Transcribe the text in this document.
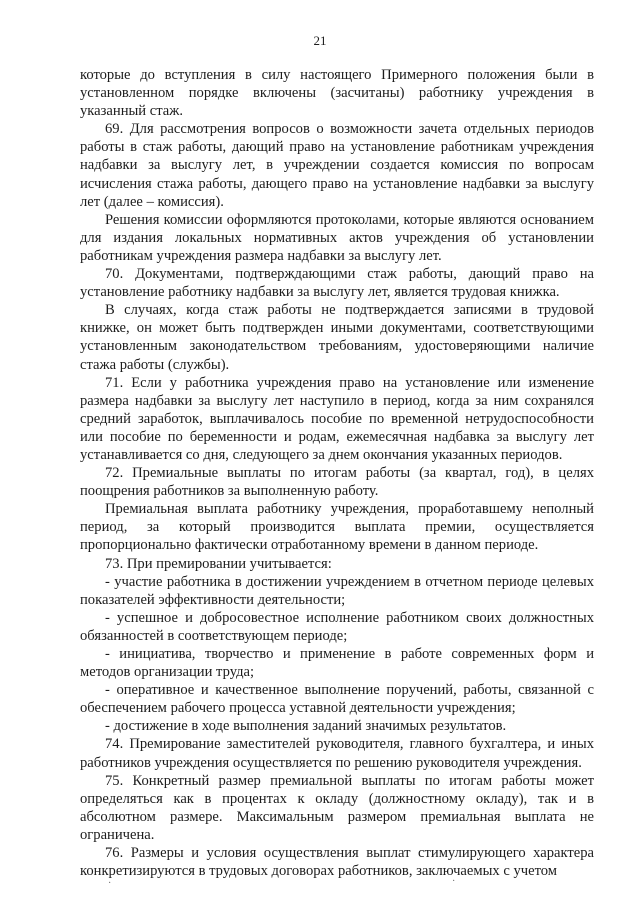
21

которые до вступления в силу настоящего Примерного положения были в установленном порядке включены (засчитаны) работнику учреждения в указанный стаж.

69. Для рассмотрения вопросов о возможности зачета отдельных периодов работы в стаж работы, дающий право на установление работникам учреждения надбавки за выслугу лет, в учреждении создается комиссия по вопросам исчисления стажа работы, дающего право на установление надбавки за выслугу лет (далее – комиссия).

Решения комиссии оформляются протоколами, которые являются основанием для издания локальных нормативных актов учреждения об установлении работникам учреждения размера надбавки за выслугу лет.

70. Документами, подтверждающими стаж работы, дающий право на установление работнику надбавки за выслугу лет, является трудовая книжка.

В случаях, когда стаж работы не подтверждается записями в трудовой книжке, он может быть подтвержден иными документами, соответствующими установленным законодательством требованиям, удостоверяющими наличие стажа работы (службы).

71. Если у работника учреждения право на установление или изменение размера надбавки за выслугу лет наступило в период, когда за ним сохранялся средний заработок, выплачивалось пособие по временной нетрудоспособности или пособие по беременности и родам, ежемесячная надбавка за выслугу лет устанавливается со дня, следующего за днем окончания указанных периодов.

72. Премиальные выплаты по итогам работы (за квартал, год), в целях поощрения работников за выполненную работу.

Премиальная выплата работнику учреждения, проработавшему неполный период, за который производится выплата премии, осуществляется пропорционально фактически отработанному времени в данном периоде.

73. При премировании учитывается:

- участие работника в достижении учреждением в отчетном периоде целевых показателей эффективности деятельности;

- успешное и добросовестное исполнение работником своих должностных обязанностей в соответствующем периоде;

- инициатива, творчество и применение в работе современных форм и методов организации труда;

- оперативное и качественное выполнение поручений, работы, связанной с обеспечением рабочего процесса уставной деятельности учреждения;

- достижение в ходе выполнения заданий значимых результатов.

74. Премирование заместителей руководителя, главного бухгалтера, и иных работников учреждения осуществляется по решению руководителя учреждения.

75. Конкретный размер премиальной выплаты по итогам работы может определяться как в процентах к окладу (должностному окладу), так и в абсолютном размере. Максимальным размером премиальная выплата не ограничена.

76. Размеры и условия осуществления выплат стимулирующего характера конкретизируются в трудовых договорах работников, заключаемых с учетом

·	·
